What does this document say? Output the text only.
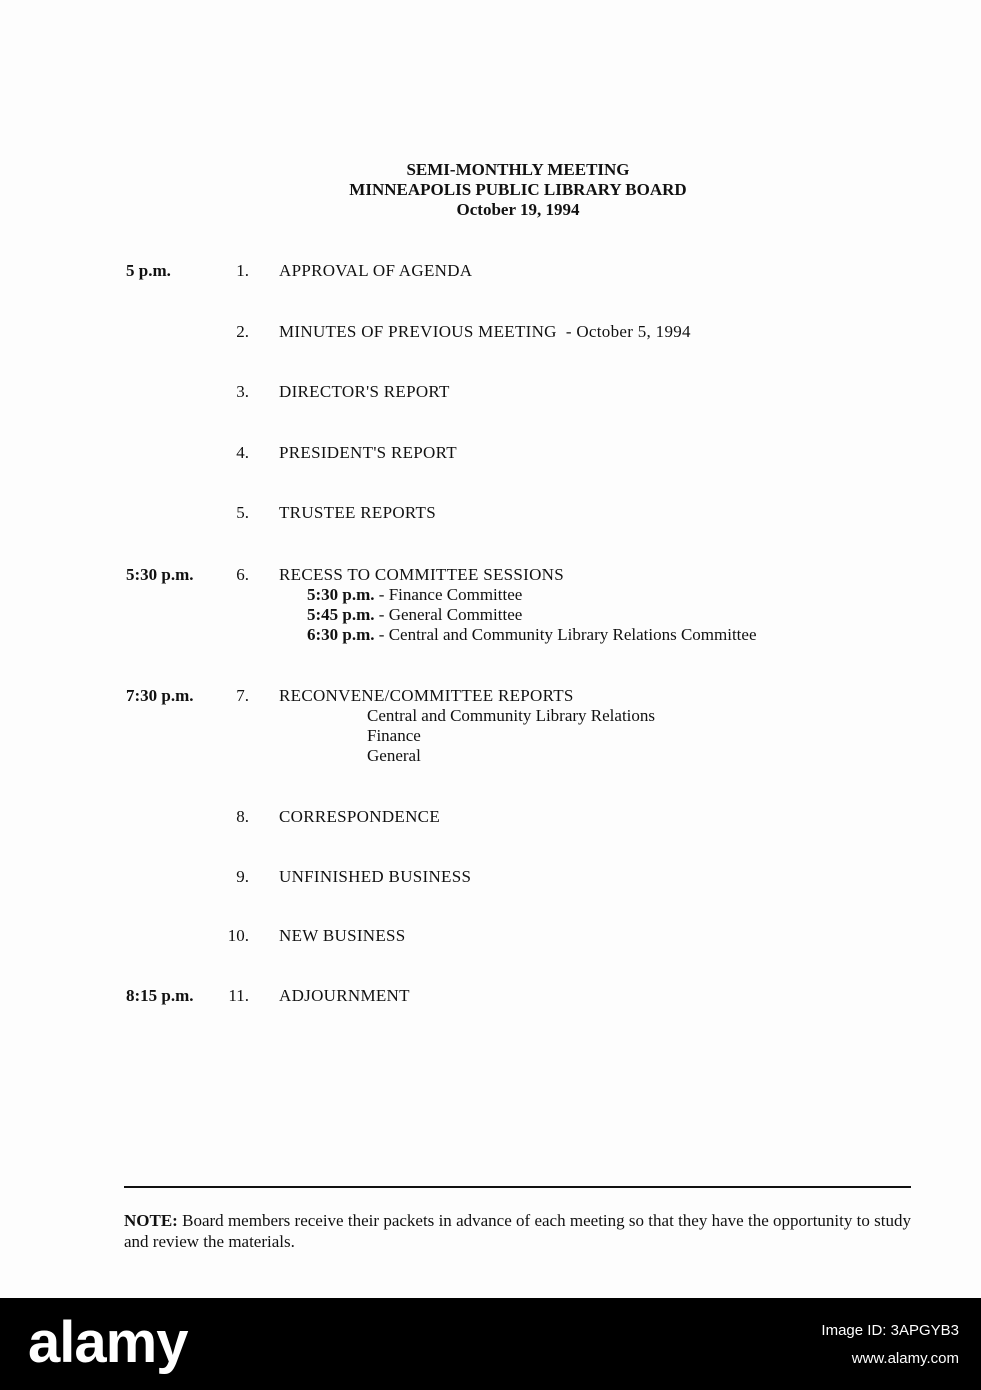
SEMI-MONTHLY MEETING
MINNEAPOLIS PUBLIC LIBRARY BOARD
October 19, 1994
5 p.m.	1. APPROVAL OF AGENDA
2. MINUTES OF PREVIOUS MEETING  - October 5, 1994
3. DIRECTOR'S REPORT
4. PRESIDENT'S REPORT
5. TRUSTEE REPORTS
5:30 p.m.	6. RECESS TO COMMITTEE SESSIONS
5:30 p.m. - Finance Committee
5:45 p.m. - General Committee
6:30 p.m. - Central and Community Library Relations Committee
7:30 p.m.	7. RECONVENE/COMMITTEE REPORTS
Central and Community Library Relations
Finance
General
8. CORRESPONDENCE
9. UNFINISHED BUSINESS
10. NEW BUSINESS
8:15 p.m.	11. ADJOURNMENT
NOTE: Board members receive their packets in advance of each meeting so that they have the opportunity to study and review the materials.
alamy	Image ID: 3APGYB3
www.alamy.com
